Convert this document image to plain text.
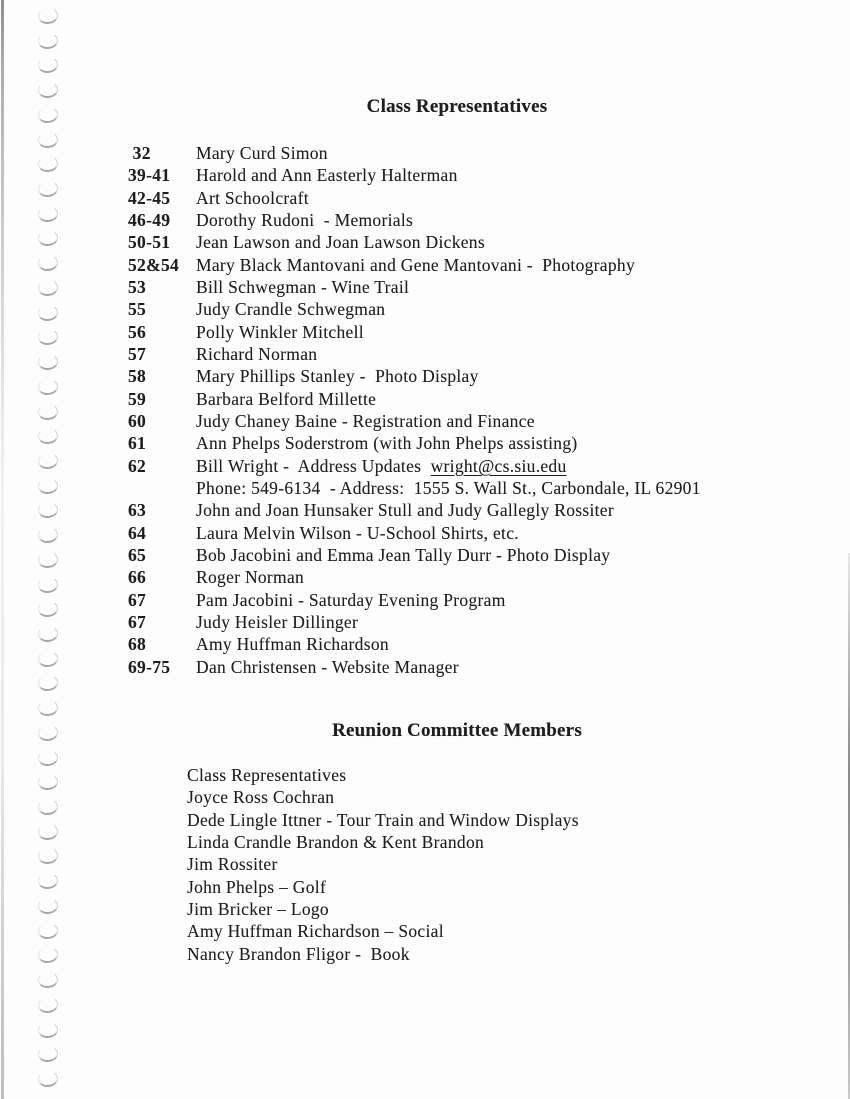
Class Representatives
32	Mary Curd Simon
39-41	Harold and Ann Easterly Halterman
42-45	Art Schoolcraft
46-49	Dorothy Rudoni  - Memorials
50-51	Jean Lawson and Joan Lawson Dickens
52&54 Mary Black Mantovani and Gene Mantovani -  Photography
53	Bill Schwegman - Wine Trail
55	Judy Crandle Schwegman
56	Polly Winkler Mitchell
57	Richard Norman
58	Mary Phillips Stanley -  Photo Display
59	Barbara Belford Millette
60	Judy Chaney Baine - Registration and Finance
61	Ann Phelps Soderstrom (with John Phelps assisting)
62	Bill Wright -  Address Updates wright@cs.siu.edu
Phone: 549-6134  - Address:  1555 S. Wall St., Carbondale, IL 62901
63	John and Joan Hunsaker Stull and Judy Gallegly Rossiter
64	Laura Melvin Wilson - U-School Shirts, etc.
65	Bob Jacobini and Emma Jean Tally Durr - Photo Display
66	Roger Norman
67	Pam Jacobini - Saturday Evening Program
67	Judy Heisler Dillinger
68	Amy Huffman Richardson
69-75	Dan Christensen - Website Manager
Reunion Committee Members
Class Representatives
Joyce Ross Cochran
Dede Lingle Ittner - Tour Train and Window Displays
Linda Crandle Brandon & Kent Brandon
Jim Rossiter
John Phelps – Golf
Jim Bricker – Logo
Amy Huffman Richardson – Social
Nancy Brandon Fligor -  Book
